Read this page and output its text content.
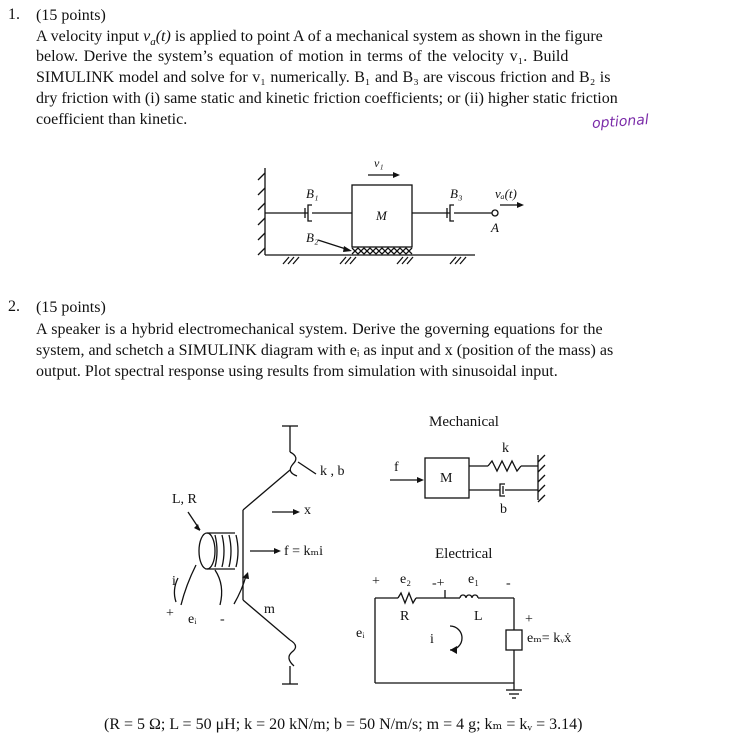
1. (15 points)
A velocity input $v_a(t)$ is applied to point A of a mechanical system as shown in the figure
below. Derive the system’s equation of motion in terms of the velocity v₁. Build
SIMULINK model and solve for v₁ numerically. B₁ and B₃ are viscous friction and B₂ is
dry friction with (i) same static and kinetic friction coefficients; or (ii) higher static friction
coefficient than kinetic.	optional
v₁
B₁
M
B₃	vₐ(t)
A
B₂
2. (15 points)
A speaker is a hybrid electromechanical system. Derive the governing equations for the
system, and schetch a SIMULINK diagram with eᵢ as input and x (position of the mass) as
output. Plot spectral response using results from simulation with sinusoidal input.
k , b
x
f = kₘi
L, R
i
+ eᵢ -
m
Mechanical
f
M
k
b
Electrical
+ e₂ -+ e₁ -
R	L	+
eᵢ	i	eₘ= kᵥẋ
(R = 5 Ω; L = 50 μH; k = 20 kN/m; b = 50 N/m/s; m = 4 g; kₘ = kᵥ = 3.14)
